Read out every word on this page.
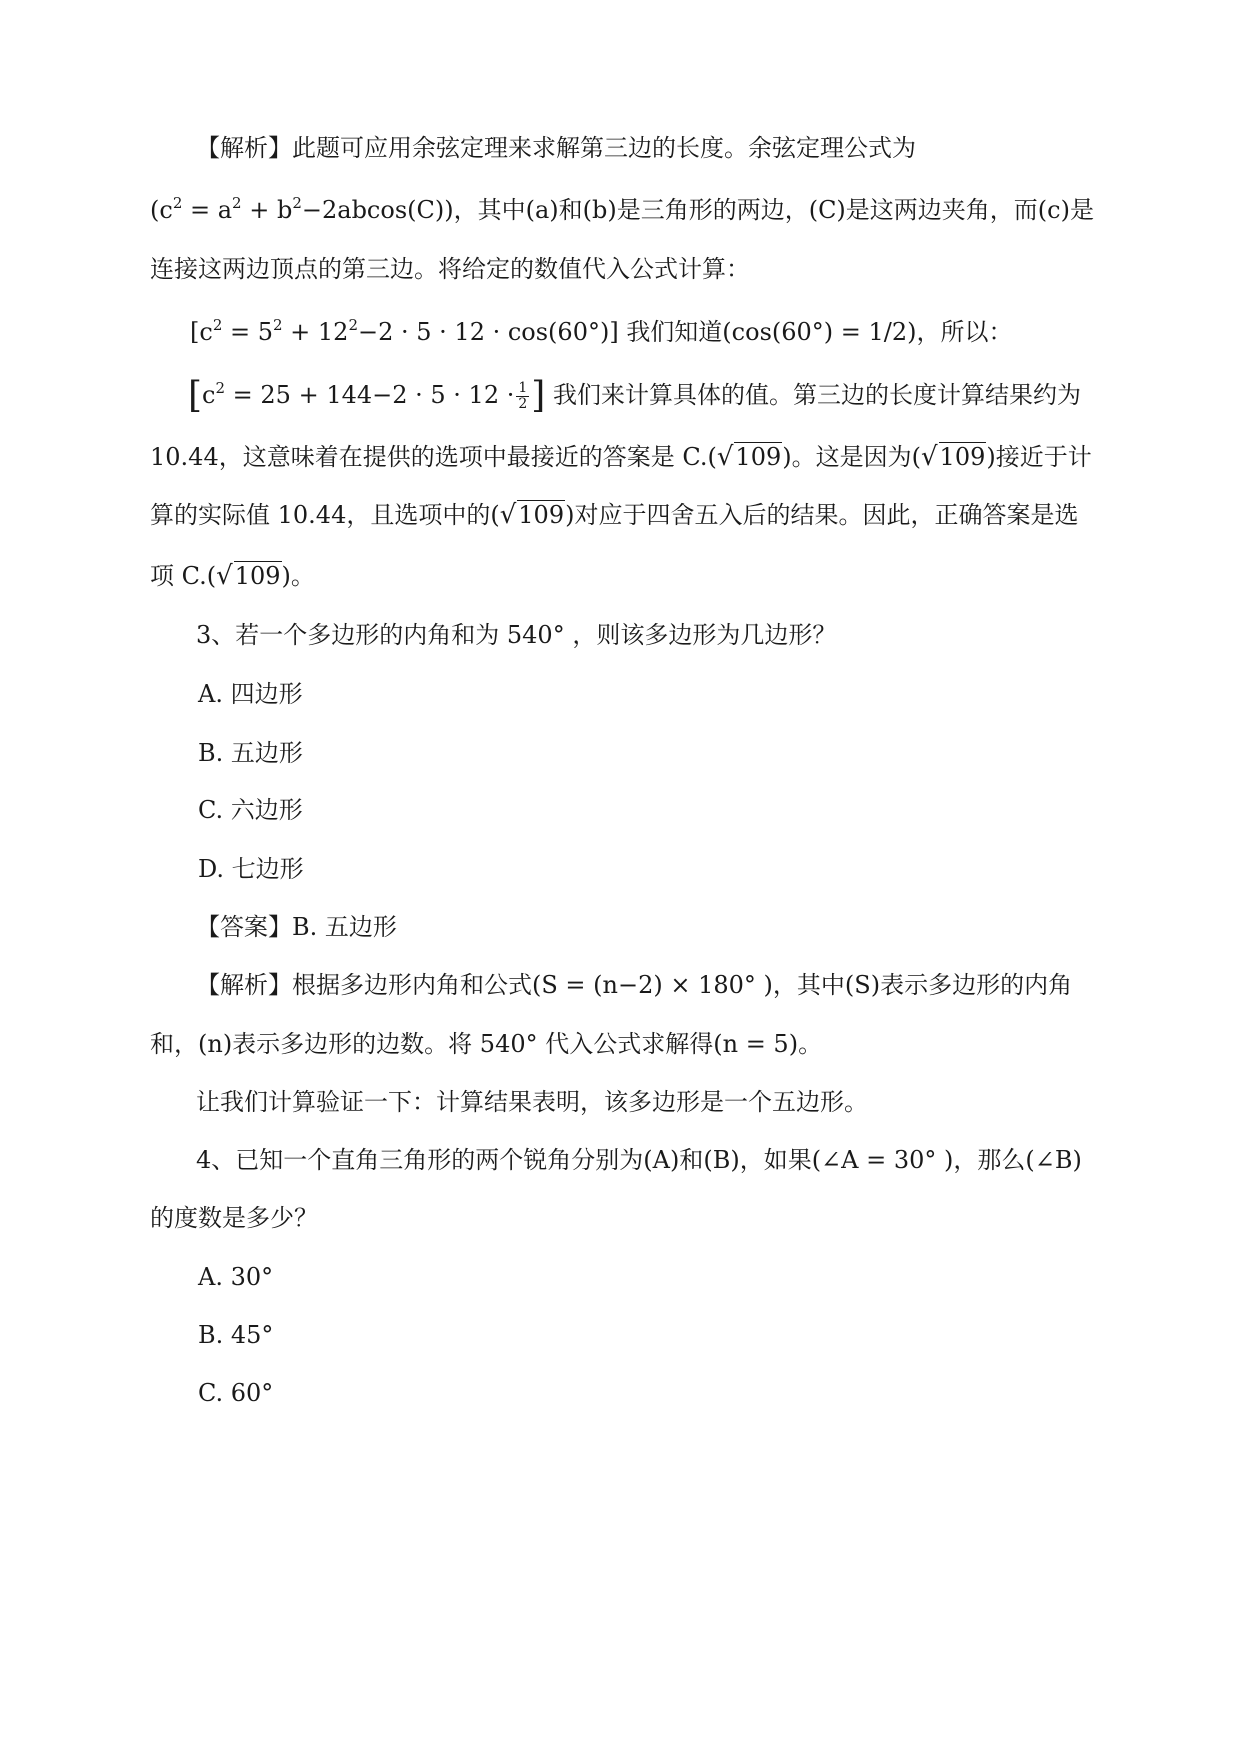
【解析】此题可应用余弦定理来求解第三边的长度。余弦定理公式为
$(c^2 = a^2 + b^2-2abcos(C))$，其中(a)和(b)是三角形的两边，(C)是这两边夹角，而(c)是
连接这两边顶点的第三边。将给定的数值代入公式计算：
$[c^2 = 5^2 + 12^2-2 \cdot 5 \cdot 12 \cdot \cos(60^\circ)]$ 我们知道(cos(60°) = 1/2)，所以：
[$c^2 = 25 + 144-2 \cdot 5 \cdot 12 \cdot \frac{1}{2}$ ] 我们来计算具体的值。第三边的长度计算结果约为
10.44，这意味着在提供的选项中最接近的答案是 C.(√109)。这是因为(√109)接近于计
算的实际值 10.44，且选项中的(√109)对应于四舍五入后的结果。因此，正确答案是选
项 C.(√109)。
3、若一个多边形的内角和为 540° ，则该多边形为几边形？
A. 四边形
B. 五边形
C. 六边形
D. 七边形
【答案】B. 五边形
【解析】根据多边形内角和公式(S = (n−2) × 180° )，其中(S)表示多边形的内角
和，(n)表示多边形的边数。将 540° 代入公式求解得(n = 5)。
让我们计算验证一下：计算结果表明，该多边形是一个五边形。
4、已知一个直角三角形的两个锐角分别为(A)和(B)，如果(∠A = 30° )，那么(∠B)
的度数是多少？
A. 30°
B. 45°
C. 60°
